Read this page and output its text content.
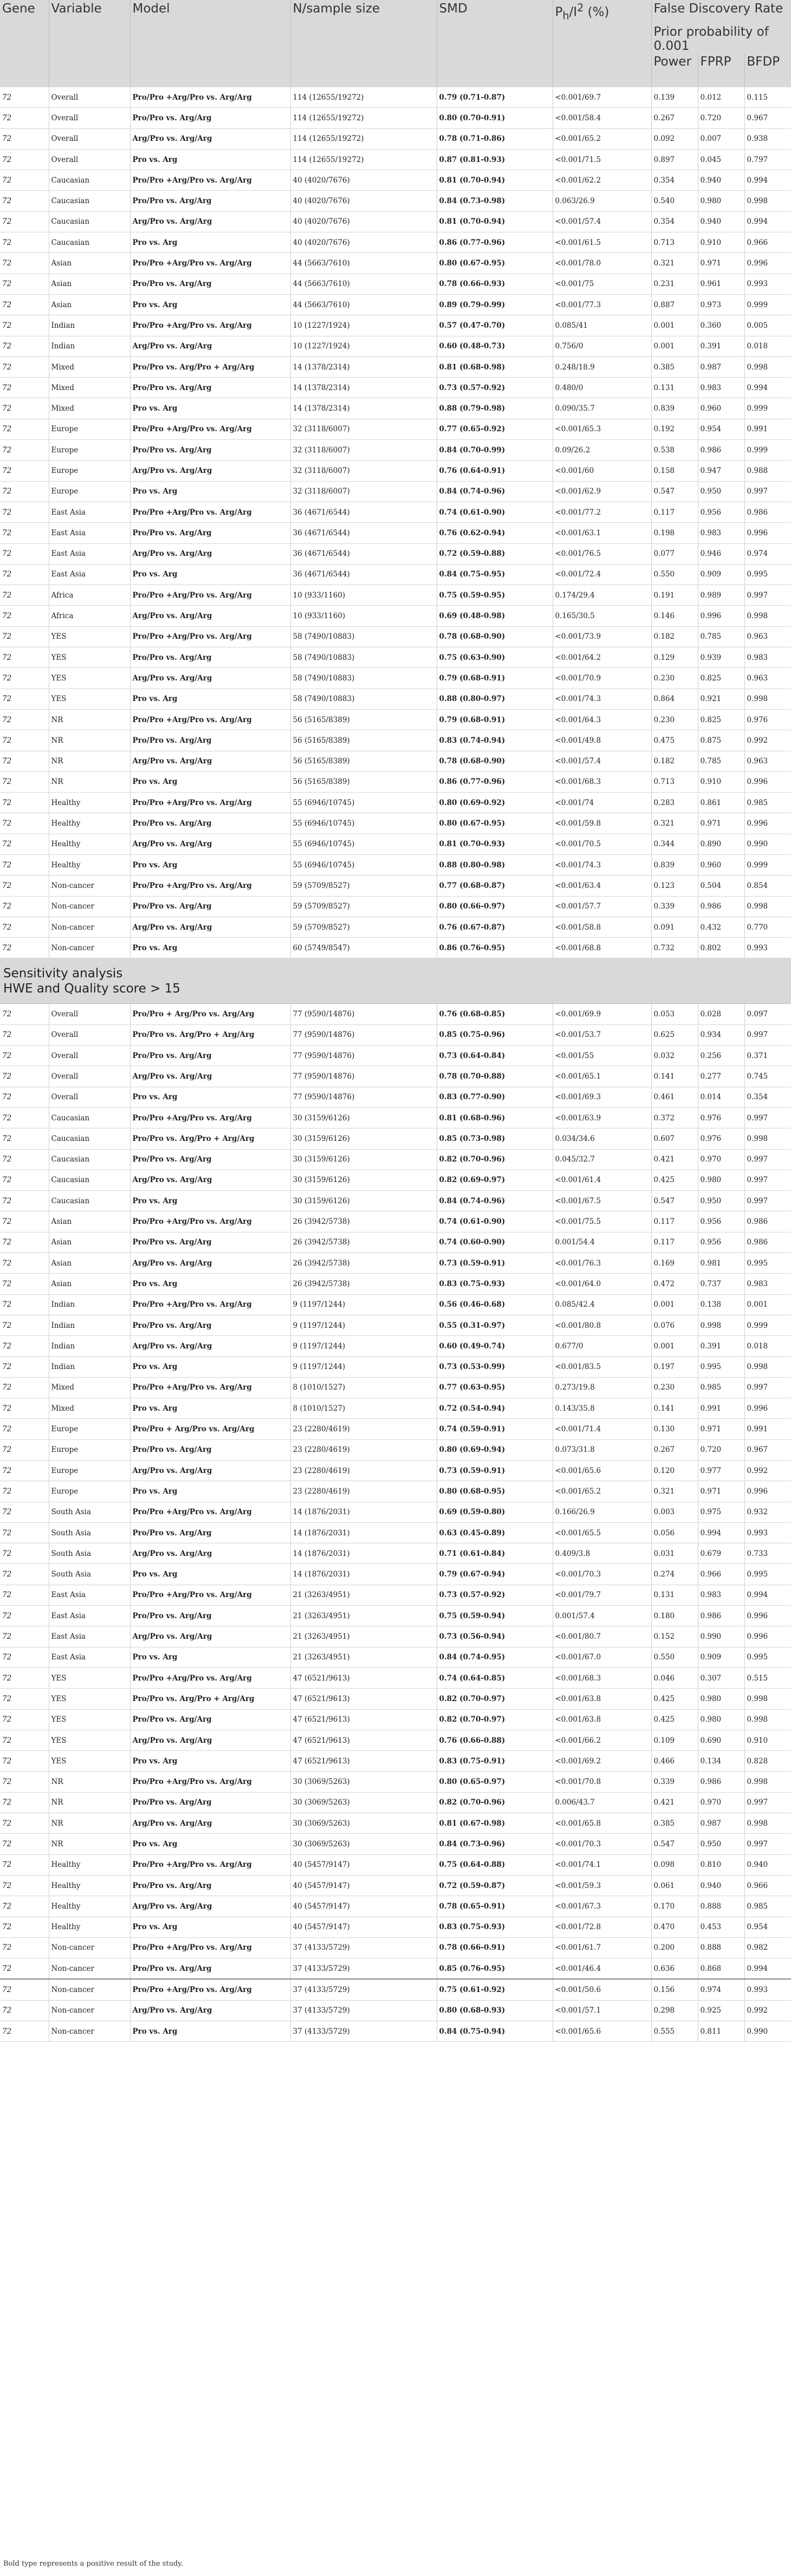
Gene	Variable	Model	N/sample size	SMD	$P_h/I^2$ (%)	False Discovery Rate		
						Prior probability of 0.001		
						Power	FPRP	BFDP
72	Overall	Pro/Pro +Arg/Pro vs. Arg/Arg	114 (12655/19272)	0.79 (0.71-0.87)	<0.001/69.7	0.139	0.012	0.115
72	Overall	Pro/Pro vs. Arg/Arg	114 (12655/19272)	0.80 (0.70-0.91)	<0.001/58.4	0.267	0.720	0.967
72	Overall	Arg/Pro vs. Arg/Arg	114 (12655/19272)	0.78 (0.71-0.86)	<0.001/65.2	0.092	0.007	0.938
72	Overall	Pro vs. Arg	114 (12655/19272)	0.87 (0.81-0.93)	<0.001/71.5	0.897	0.045	0.797
72	Caucasian	Pro/Pro +Arg/Pro vs. Arg/Arg	40 (4020/7676)	0.81 (0.70-0.94)	<0.001/62.2	0.354	0.940	0.994
72	Caucasian	Pro/Pro vs. Arg/Arg	40 (4020/7676)	0.84 (0.73-0.98)	0.063/26.9	0.540	0.980	0.998
72	Caucasian	Arg/Pro vs. Arg/Arg	40 (4020/7676)	0.81 (0.70-0.94)	<0.001/57.4	0.354	0.940	0.994
72	Caucasian	Pro vs. Arg	40 (4020/7676)	0.86 (0.77-0.96)	<0.001/61.5	0.713	0.910	0.966
72	Asian	Pro/Pro +Arg/Pro vs. Arg/Arg	44 (5663/7610)	0.80 (0.67-0.95)	<0.001/78.0	0.321	0.971	0.996
72	Asian	Pro/Pro vs. Arg/Arg	44 (5663/7610)	0.78 (0.66-0.93)	<0.001/75	0.231	0.961	0.993
72	Asian	Pro vs. Arg	44 (5663/7610)	0.89 (0.79-0.99)	<0.001/77.3	0.887	0.973	0.999
72	Indian	Pro/Pro +Arg/Pro vs. Arg/Arg	10 (1227/1924)	0.57 (0.47-0.70)	0.085/41	0.001	0.360	0.005
72	Indian	Arg/Pro vs. Arg/Arg	10 (1227/1924)	0.60 (0.48-0.73)	0.756/0	0.001	0.391	0.018
72	Mixed	Pro/Pro vs. Arg/Pro + Arg/Arg	14 (1378/2314)	0.81 (0.68-0.98)	0.248/18.9	0.385	0.987	0.998
72	Mixed	Pro/Pro vs. Arg/Arg	14 (1378/2314)	0.73 (0.57-0.92)	0.480/0	0.131	0.983	0.994
72	Mixed	Pro vs. Arg	14 (1378/2314)	0.88 (0.79-0.98)	0.090/35.7	0.839	0.960	0.999
72	Europe	Pro/Pro +Arg/Pro vs. Arg/Arg	32 (3118/6007)	0.77 (0.65-0.92)	<0.001/65.3	0.192	0.954	0.991
72	Europe	Pro/Pro vs. Arg/Arg	32 (3118/6007)	0.84 (0.70-0.99)	0.09/26.2	0.538	0.986	0.999
72	Europe	Arg/Pro vs. Arg/Arg	32 (3118/6007)	0.76 (0.64-0.91)	<0.001/60	0.158	0.947	0.988
72	Europe	Pro vs. Arg	32 (3118/6007)	0.84 (0.74-0.96)	<0.001/62.9	0.547	0.950	0.997
72	East Asia	Pro/Pro +Arg/Pro vs. Arg/Arg	36 (4671/6544)	0.74 (0.61-0.90)	<0.001/77.2	0.117	0.956	0.986
72	East Asia	Pro/Pro vs. Arg/Arg	36 (4671/6544)	0.76 (0.62-0.94)	<0.001/63.1	0.198	0.983	0.996
72	East Asia	Arg/Pro vs. Arg/Arg	36 (4671/6544)	0.72 (0.59-0.88)	<0.001/76.5	0.077	0.946	0.974
72	East Asia	Pro vs. Arg	36 (4671/6544)	0.84 (0.75-0.95)	<0.001/72.4	0.550	0.909	0.995
72	Africa	Pro/Pro +Arg/Pro vs. Arg/Arg	10 (933/1160)	0.75 (0.59-0.95)	0.174/29.4	0.191	0.989	0.997
72	Africa	Arg/Pro vs. Arg/Arg	10 (933/1160)	0.69 (0.48-0.98)	0.165/30.5	0.146	0.996	0.998
72	YES	Pro/Pro +Arg/Pro vs. Arg/Arg	58 (7490/10883)	0.78 (0.68-0.90)	<0.001/73.9	0.182	0.785	0.963
72	YES	Pro/Pro vs. Arg/Arg	58 (7490/10883)	0.75 (0.63-0.90)	<0.001/64.2	0.129	0.939	0.983
72	YES	Arg/Pro vs. Arg/Arg	58 (7490/10883)	0.79 (0.68-0.91)	<0.001/70.9	0.230	0.825	0.963
72	YES	Pro vs. Arg	58 (7490/10883)	0.88 (0.80-0.97)	<0.001/74.3	0.864	0.921	0.998
72	NR	Pro/Pro +Arg/Pro vs. Arg/Arg	56 (5165/8389)	0.79 (0.68-0.91)	<0.001/64.3	0.230	0.825	0.976
72	NR	Pro/Pro vs. Arg/Arg	56 (5165/8389)	0.83 (0.74-0.94)	<0.001/49.8	0.475	0.875	0.992
72	NR	Arg/Pro vs. Arg/Arg	56 (5165/8389)	0.78 (0.68-0.90)	<0.001/57.4	0.182	0.785	0.963
72	NR	Pro vs. Arg	56 (5165/8389)	0.86 (0.77-0.96)	<0.001/68.3	0.713	0.910	0.996
72	Healthy	Pro/Pro +Arg/Pro vs. Arg/Arg	55 (6946/10745)	0.80 (0.69-0.92)	<0.001/74	0.283	0.861	0.985
72	Healthy	Pro/Pro vs. Arg/Arg	55 (6946/10745)	0.80 (0.67-0.95)	<0.001/59.8	0.321	0.971	0.996
72	Healthy	Arg/Pro vs. Arg/Arg	55 (6946/10745)	0.81 (0.70-0.93)	<0.001/70.5	0.344	0.890	0.990
72	Healthy	Pro vs. Arg	55 (6946/10745)	0.88 (0.80-0.98)	<0.001/74.3	0.839	0.960	0.999
72	Non-cancer	Pro/Pro +Arg/Pro vs. Arg/Arg	59 (5709/8527)	0.77 (0.68-0.87)	<0.001/63.4	0.123	0.504	0.854
72	Non-cancer	Pro/Pro vs. Arg/Arg	59 (5709/8527)	0.80 (0.66-0.97)	<0.001/57.7	0.339	0.986	0.998
72	Non-cancer	Arg/Pro vs. Arg/Arg	59 (5709/8527)	0.76 (0.67-0.87)	<0.001/58.8	0.091	0.432	0.770
72	Non-cancer	Pro vs. Arg	60 (5749/8547)	0.86 (0.76-0.95)	<0.001/68.8	0.732	0.802	0.993
Sensitivity analysis
HWE and Quality score > 15								
72	Overall	Pro/Pro + Arg/Pro vs. Arg/Arg	77 (9590/14876)	0.76 (0.68-0.85)	<0.001/69.9	0.053	0.028	0.097
72	Overall	Pro/Pro vs. Arg/Pro + Arg/Arg	77 (9590/14876)	0.85 (0.75-0.96)	<0.001/53.7	0.625	0.934	0.997
72	Overall	Pro/Pro vs. Arg/Arg	77 (9590/14876)	0.73 (0.64-0.84)	<0.001/55	0.032	0.256	0.371
72	Overall	Arg/Pro vs. Arg/Arg	77 (9590/14876)	0.78 (0.70-0.88)	<0.001/65.1	0.141	0.277	0.745
72	Overall	Pro vs. Arg	77 (9590/14876)	0.83 (0.77-0.90)	<0.001/69.3	0.461	0.014	0.354
72	Caucasian	Pro/Pro +Arg/Pro vs. Arg/Arg	30 (3159/6126)	0.81 (0.68-0.96)	<0.001/63.9	0.372	0.976	0.997
72	Caucasian	Pro/Pro vs. Arg/Pro + Arg/Arg	30 (3159/6126)	0.85 (0.73-0.98)	0.034/34.6	0.607	0.976	0.998
72	Caucasian	Pro/Pro vs. Arg/Arg	30 (3159/6126)	0.82 (0.70-0.96)	0.045/32.7	0.421	0.970	0.997
72	Caucasian	Arg/Pro vs. Arg/Arg	30 (3159/6126)	0.82 (0.69-0.97)	<0.001/61.4	0.425	0.980	0.997
72	Caucasian	Pro vs. Arg	30 (3159/6126)	0.84 (0.74-0.96)	<0.001/67.5	0.547	0.950	0.997
72	Asian	Pro/Pro +Arg/Pro vs. Arg/Arg	26 (3942/5738)	0.74 (0.61-0.90)	<0.001/75.5	0.117	0.956	0.986
72	Asian	Pro/Pro vs. Arg/Arg	26 (3942/5738)	0.74 (0.60-0.90)	0.001/54.4	0.117	0.956	0.986
72	Asian	Arg/Pro vs. Arg/Arg	26 (3942/5738)	0.73 (0.59-0.91)	<0.001/76.3	0.169	0.981	0.995
72	Asian	Pro vs. Arg	26 (3942/5738)	0.83 (0.75-0.93)	<0.001/64.0	0.472	0.737	0.983
72	Indian	Pro/Pro +Arg/Pro vs. Arg/Arg	9 (1197/1244)	0.56 (0.46-0.68)	0.085/42.4	0.001	0.138	0.001
72	Indian	Pro/Pro vs. Arg/Arg	9 (1197/1244)	0.55 (0.31-0.97)	<0.001/80.8	0.076	0.998	0.999
72	Indian	Arg/Pro vs. Arg/Arg	9 (1197/1244)	0.60 (0.49-0.74)	0.677/0	0.001	0.391	0.018
72	Indian	Pro vs. Arg	9 (1197/1244)	0.73 (0.53-0.99)	<0.001/83.5	0.197	0.995	0.998
72	Mixed	Pro/Pro +Arg/Pro vs. Arg/Arg	8 (1010/1527)	0.77 (0.63-0.95)	0.273/19.8	0.230	0.985	0.997
72	Mixed	Pro vs. Arg	8 (1010/1527)	0.72 (0.54-0.94)	0.143/35.8	0.141	0.991	0.996
72	Europe	Pro/Pro + Arg/Pro vs. Arg/Arg	23 (2280/4619)	0.74 (0.59-0.91)	<0.001/71.4	0.130	0.971	0.991
72	Europe	Pro/Pro vs. Arg/Arg	23 (2280/4619)	0.80 (0.69-0.94)	0.073/31.8	0.267	0.720	0.967
72	Europe	Arg/Pro vs. Arg/Arg	23 (2280/4619)	0.73 (0.59-0.91)	<0.001/65.6	0.120	0.977	0.992
72	Europe	Pro vs. Arg	23 (2280/4619)	0.80 (0.68-0.95)	<0.001/65.2	0.321	0.971	0.996
72	South Asia	Pro/Pro +Arg/Pro vs. Arg/Arg	14 (1876/2031)	0.69 (0.59-0.80)	0.166/26.9	0.003	0.975	0.932
72	South Asia	Pro/Pro vs. Arg/Arg	14 (1876/2031)	0.63 (0.45-0.89)	<0.001/65.5	0.056	0.994	0.993
72	South Asia	Arg/Pro vs. Arg/Arg	14 (1876/2031)	0.71 (0.61-0.84)	0.409/3.8	0.031	0.679	0.733
72	South Asia	Pro vs. Arg	14 (1876/2031)	0.79 (0.67-0.94)	<0.001/70.3	0.274	0.966	0.995
72	East Asia	Pro/Pro +Arg/Pro vs. Arg/Arg	21 (3263/4951)	0.73 (0.57-0.92)	<0.001/79.7	0.131	0.983	0.994
72	East Asia	Pro/Pro vs. Arg/Arg	21 (3263/4951)	0.75 (0.59-0.94)	0.001/57.4	0.180	0.986	0.996
72	East Asia	Arg/Pro vs. Arg/Arg	21 (3263/4951)	0.73 (0.56-0.94)	<0.001/80.7	0.152	0.990	0.996
72	East Asia	Pro vs. Arg	21 (3263/4951)	0.84 (0.74-0.95)	<0.001/67.0	0.550	0.909	0.995
72	YES	Pro/Pro +Arg/Pro vs. Arg/Arg	47 (6521/9613)	0.74 (0.64-0.85)	<0.001/68.3	0.046	0.307	0.515
72	YES	Pro/Pro vs. Arg/Pro + Arg/Arg	47 (6521/9613)	0.82 (0.70-0.97)	<0.001/63.8	0.425	0.980	0.998
72	YES	Pro/Pro vs. Arg/Arg	47 (6521/9613)	0.82 (0.70-0.97)	<0.001/63.8	0.425	0.980	0.998
72	YES	Arg/Pro vs. Arg/Arg	47 (6521/9613)	0.76 (0.66-0.88)	<0.001/66.2	0.109	0.690	0.910
72	YES	Pro vs. Arg	47 (6521/9613)	0.83 (0.75-0.91)	<0.001/69.2	0.466	0.134	0.828
72	NR	Pro/Pro +Arg/Pro vs. Arg/Arg	30 (3069/5263)	0.80 (0.65-0.97)	<0.001/70.8	0.339	0.986	0.998
72	NR	Pro/Pro vs. Arg/Arg	30 (3069/5263)	0.82 (0.70-0.96)	0.006/43.7	0.421	0.970	0.997
72	NR	Arg/Pro vs. Arg/Arg	30 (3069/5263)	0.81 (0.67-0.98)	<0.001/65.8	0.385	0.987	0.998
72	NR	Pro vs. Arg	30 (3069/5263)	0.84 (0.73-0.96)	<0.001/70.3	0.547	0.950	0.997
72	Healthy	Pro/Pro +Arg/Pro vs. Arg/Arg	40 (5457/9147)	0.75 (0.64-0.88)	<0.001/74.1	0.098	0.810	0.940
72	Healthy	Pro/Pro vs. Arg/Arg	40 (5457/9147)	0.72 (0.59-0.87)	<0.001/59.3	0.061	0.940	0.966
72	Healthy	Arg/Pro vs. Arg/Arg	40 (5457/9147)	0.78 (0.65-0.91)	<0.001/67.3	0.170	0.888	0.985
72	Healthy	Pro vs. Arg	40 (5457/9147)	0.83 (0.75-0.93)	<0.001/72.8	0.470	0.453	0.954
72	Non-cancer	Pro/Pro +Arg/Pro vs. Arg/Arg	37 (4133/5729)	0.78 (0.66-0.91)	<0.001/61.7	0.200	0.888	0.982
72	Non-cancer	Pro/Pro vs. Arg/Arg	37 (4133/5729)	0.85 (0.76-0.95)	<0.001/46.4	0.636	0.868	0.994
72	Non-cancer	Pro/Pro +Arg/Pro vs. Arg/Arg	37 (4133/5729)	0.75 (0.61-0.92)	<0.001/50.6	0.156	0.974	0.993
72	Non-cancer	Arg/Pro vs. Arg/Arg	37 (4133/5729)	0.80 (0.68-0.93)	<0.001/57.1	0.298	0.925	0.992
72	Non-cancer	Pro vs. Arg	37 (4133/5729)	0.84 (0.75-0.94)	<0.001/65.6	0.555	0.811	0.990
Bold type represents a positive result of the study.
